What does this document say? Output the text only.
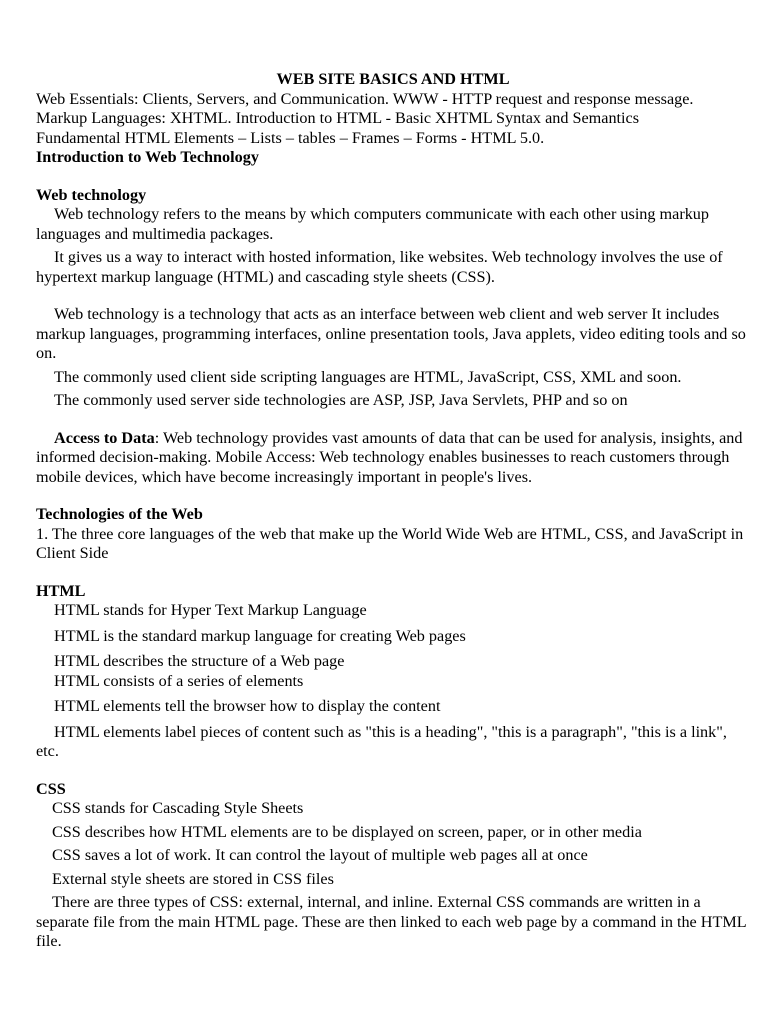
WEB SITE BASICS AND HTML

Web Essentials: Clients, Servers, and Communication. WWW - HTTP request and response message.

Markup Languages: XHTML. Introduction to HTML - Basic XHTML Syntax and Semantics

Fundamental HTML Elements – Lists – tables – Frames – Forms - HTML 5.0.

Introduction to Web Technology

Web technology

Web technology refers to the means by which computers communicate with each other using markup languages and multimedia packages.

It gives us a way to interact with hosted information, like websites. Web technology involves the use of hypertext markup language (HTML) and cascading style sheets (CSS).

Web technology is a technology that acts as an interface between web client and web server It includes markup languages, programming interfaces, online presentation tools, Java applets, video editing tools and so on.

The commonly used client side scripting languages are HTML, JavaScript, CSS, XML and soon.

The commonly used server side technologies are ASP, JSP, Java Servlets, PHP and so on

Access to Data: Web technology provides vast amounts of data that can be used for analysis, insights, and informed decision-making. Mobile Access: Web technology enables businesses to reach customers through mobile devices, which have become increasingly important in people's lives.

Technologies of the Web

1. The three core languages of the web that make up the World Wide Web are HTML, CSS, and JavaScript in Client Side

HTML

HTML stands for Hyper Text Markup Language

HTML is the standard markup language for creating Web pages

HTML describes the structure of a Web page

HTML consists of a series of elements

HTML elements tell the browser how to display the content

HTML elements label pieces of content such as "this is a heading", "this is a paragraph", "this is a link", etc.

CSS

CSS stands for Cascading Style Sheets

CSS describes how HTML elements are to be displayed on screen, paper, or in other media

CSS saves a lot of work. It can control the layout of multiple web pages all at once

External style sheets are stored in CSS files

There are three types of CSS: external, internal, and inline. External CSS commands are written in a separate file from the main HTML page. These are then linked to each web page by a command in the HTML file.
